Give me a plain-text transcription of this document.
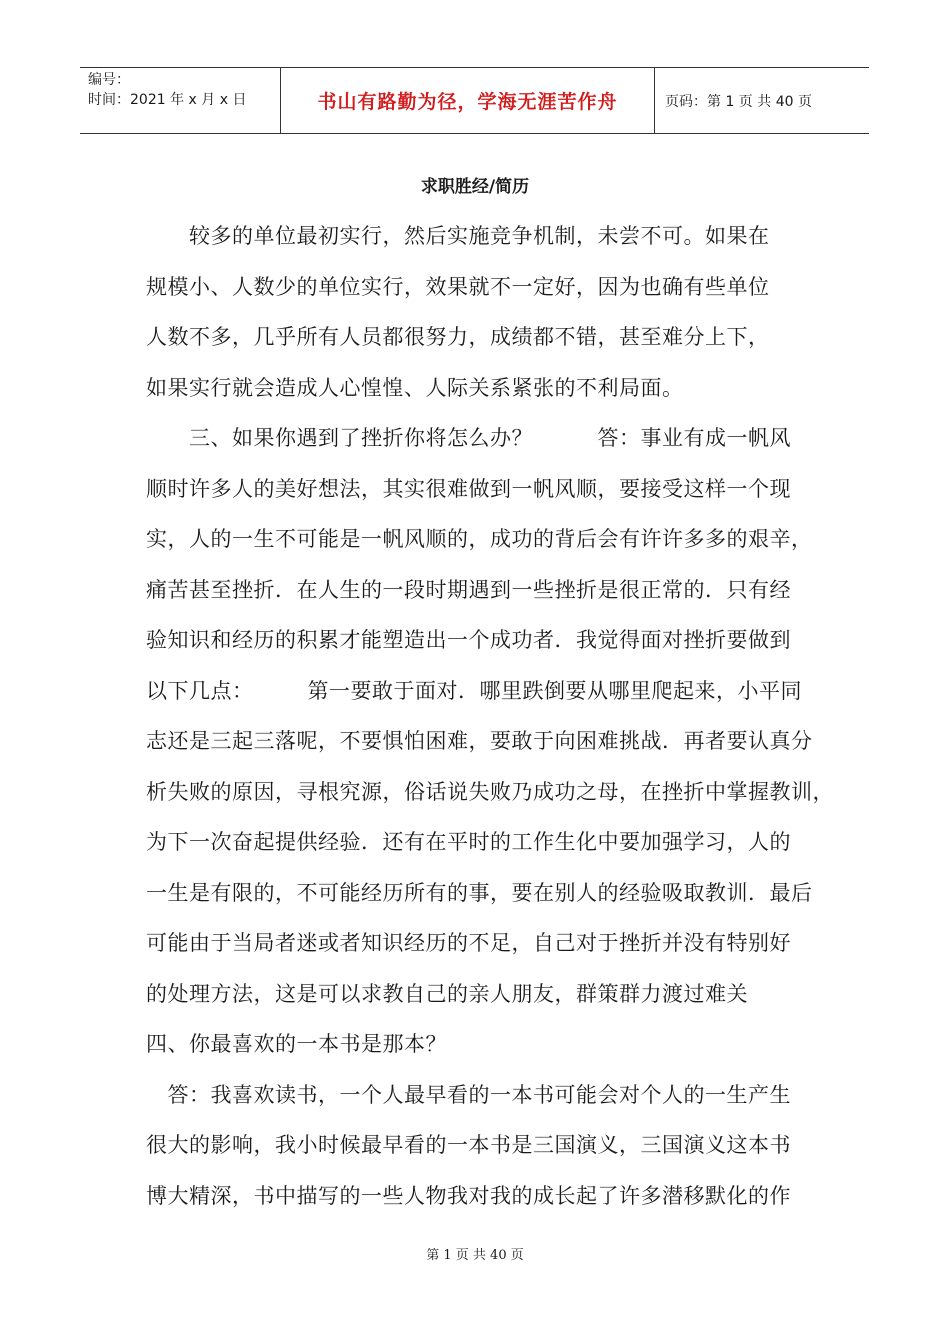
编号：
时间：2021 年 x 月 x 日	书山有路勤为径，学海无涯苦作舟	页码：第 1 页 共 40 页
求职胜经/简历
　　较多的单位最初实行，然后实施竞争机制，未尝不可。如果在
规模小、人数少的单位实行，效果就不一定好，因为也确有些单位
人数不多，几乎所有人员都很努力，成绩都不错，甚至难分上下，
如果实行就会造成人心惶惶、人际关系紧张的不利局面。
　　三、如果你遇到了挫折你将怎么办？　　　答：事业有成一帆风
顺时许多人的美好想法，其实很难做到一帆风顺，要接受这样一个现
实，人的一生不可能是一帆风顺的，成功的背后会有许许多多的艰辛，
痛苦甚至挫折．在人生的一段时期遇到一些挫折是很正常的．只有经
验知识和经历的积累才能塑造出一个成功者．我觉得面对挫折要做到
以下几点：　　　第一要敢于面对．哪里跌倒要从哪里爬起来，小平同
志还是三起三落呢，不要惧怕困难，要敢于向困难挑战．再者要认真分
析失败的原因，寻根究源，俗话说失败乃成功之母，在挫折中掌握教训，
为下一次奋起提供经验．还有在平时的工作生化中要加强学习，人的
一生是有限的，不可能经历所有的事，要在别人的经验吸取教训．最后
可能由于当局者迷或者知识经历的不足，自己对于挫折并没有特别好
的处理方法，这是可以求教自己的亲人朋友，群策群力渡过难关
四、你最喜欢的一本书是那本？
　答：我喜欢读书，一个人最早看的一本书可能会对个人的一生产生
很大的影响，我小时候最早看的一本书是三国演义，三国演义这本书
博大精深，书中描写的一些人物我对我的成长起了许多潜移默化的作
第 1 页 共 40 页
